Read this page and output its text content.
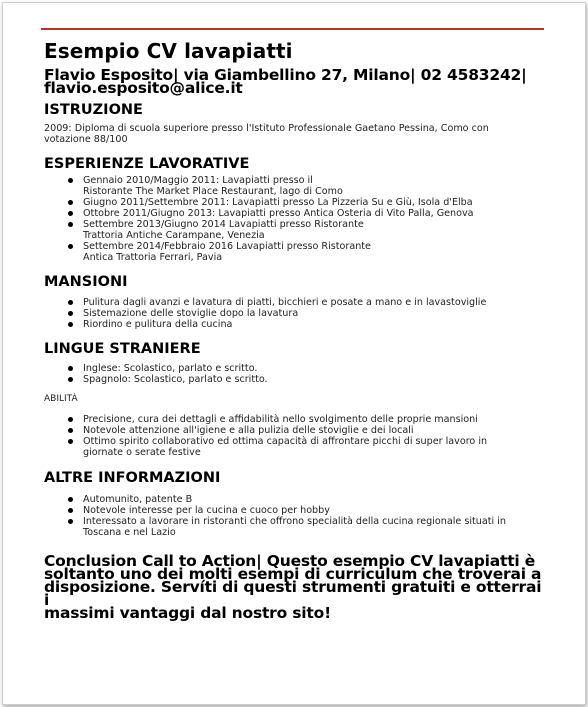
Esempio CV lavapiatti
Flavio Esposito| via Giambellino 27, Milano| 02 4583242|
flavio.esposito@alice.it
ISTRUZIONE
2009: Diploma di scuola superiore presso l'Istituto Professionale Gaetano Pessina, Como con
votazione 88/100
ESPERIENZE LAVORATIVE
Gennaio 2010/Maggio 2011: Lavapiatti presso il Ristorante The Market Place Restaurant, lago di Como
Giugno 2011/Settembre 2011: Lavapiatti presso La Pizzeria Su e Giù, Isola d'Elba
Ottobre 2011/Giugno 2013: Lavapiatti presso Antica Osteria di Vito Palla, Genova
Settembre 2013/Giugno 2014 Lavapiatti presso Ristorante Trattoria Antiche Carampane, Venezia
Settembre 2014/Febbraio 2016 Lavapiatti presso Ristorante Antica Trattoria Ferrari, Pavia
MANSIONI
Pulitura dagli avanzi e lavatura di piatti, bicchieri e posate a mano e in lavastoviglie
Sistemazione delle stoviglie dopo la lavatura
Riordino e pulitura della cucina
LINGUE STRANIERE
Inglese: Scolastico, parlato e scritto.
Spagnolo: Scolastico, parlato e scritto.
ABILITÀ
Precisione, cura dei dettagli e affidabilità nello svolgimento delle proprie mansioni
Notevole attenzione all'igiene e alla pulizia delle stoviglie e dei locali
Ottimo spirito collaborativo ed ottima capacità di affrontare picchi di super lavoro in giornate o serate festive
ALTRE INFORMAZIONI
Automunito, patente B
Notevole interesse per la cucina e cuoco per hobby
Interessato a lavorare in ristoranti che offrono specialità della cucina regionale situati in Toscana e nel Lazio
Conclusion Call to Action| Questo esempio CV lavapiatti è
soltanto uno dei molti esempi di curriculum che troverai a
disposizione. Servíti di questi strumenti gratuiti e otterrai i
massimi vantaggi dal nostro sito!
